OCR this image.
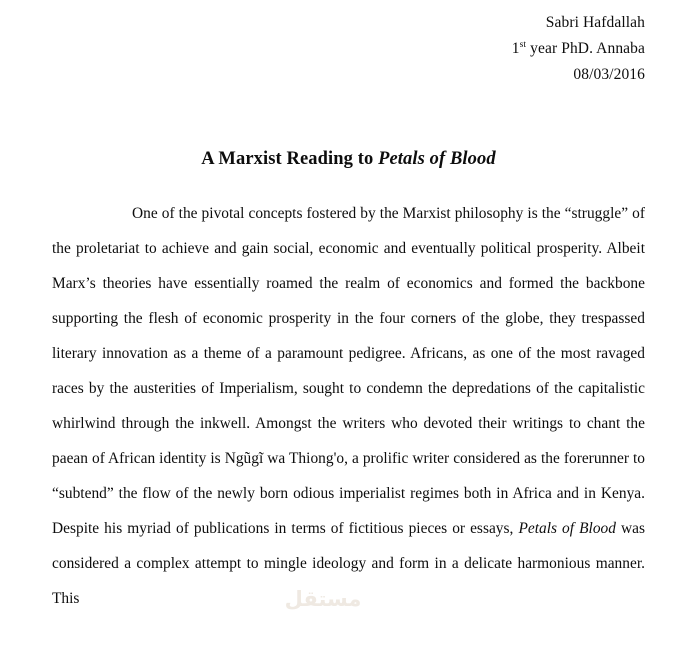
Sabri Hafdallah
1st year PhD. Annaba
08/03/2016
A Marxist Reading to Petals of Blood

One of the pivotal concepts fostered by the Marxist philosophy is the “struggle” of the proletariat to achieve and gain social, economic and eventually political prosperity. Albeit Marx’s theories have essentially roamed the realm of economics and formed the backbone supporting the flesh of economic prosperity in the four corners of the globe, they trespassed literary innovation as a theme of a paramount pedigree. Africans, as one of the most ravaged races by the austerities of Imperialism, sought to condemn the depredations of the capitalistic whirlwind through the inkwell. Amongst the writers who devoted their writings to chant the paean of African identity is Ngũgĩ wa Thiong'o, a prolific writer considered as the forerunner to “subtend” the flow of the newly born odious imperialist regimes both in Africa and in Kenya. Despite his myriad of publications in terms of fictitious pieces or essays, Petals of Blood was considered a complex attempt to mingle ideology and form in a delicate harmonious manner. This	مستقل
